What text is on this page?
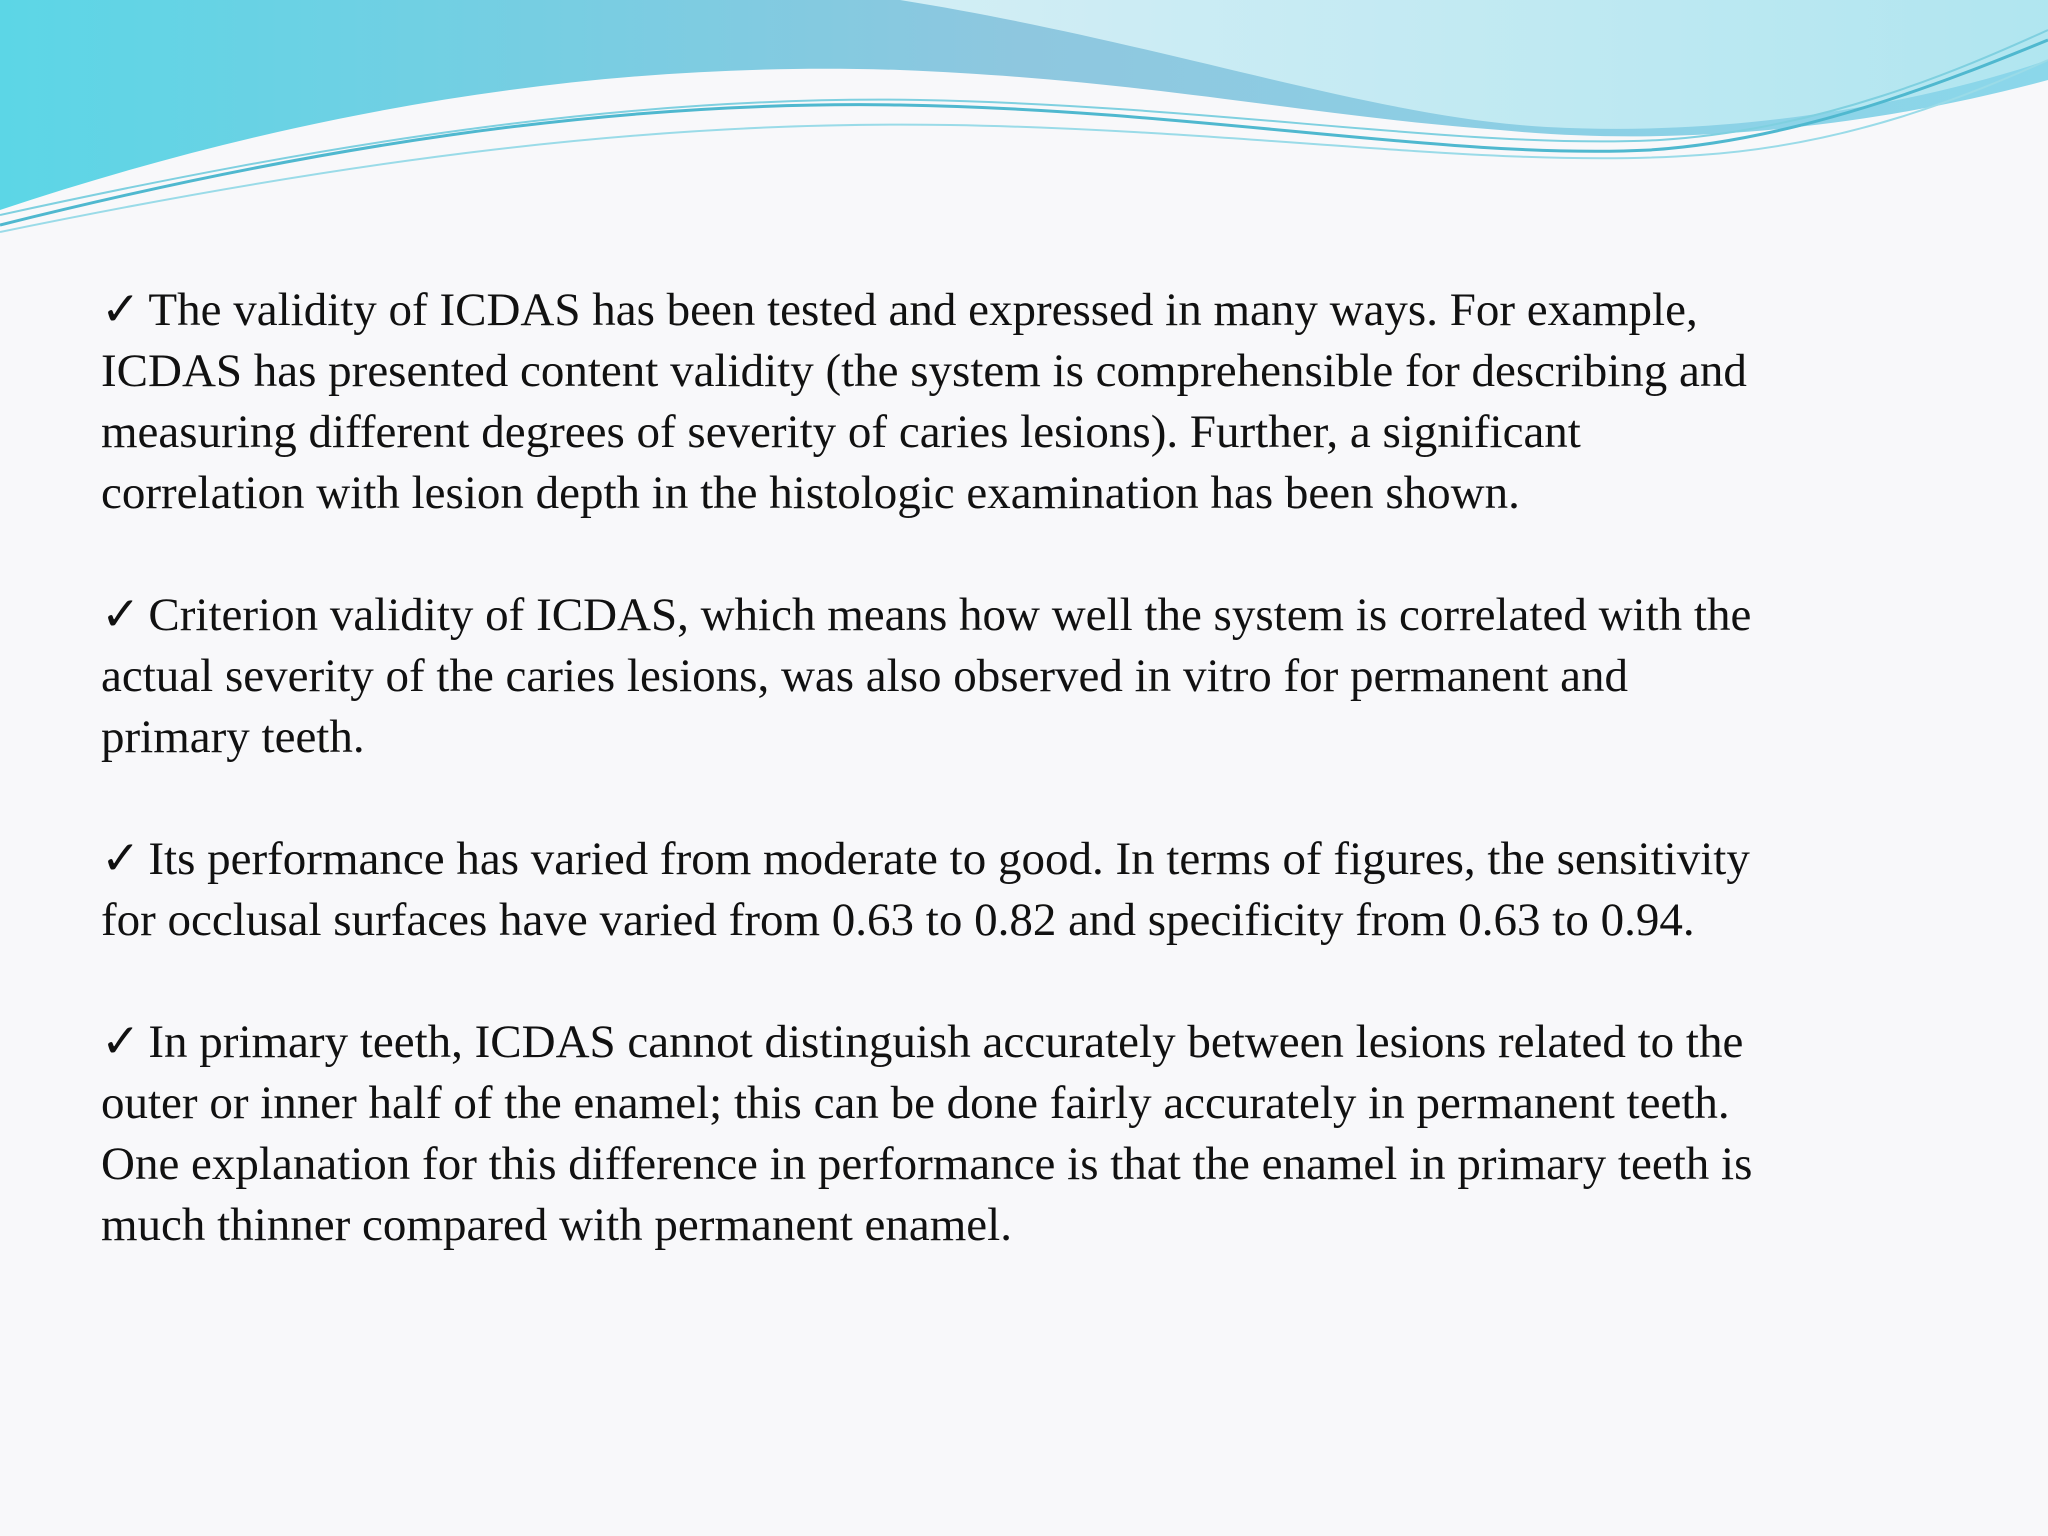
✓ The validity of ICDAS has been tested and expressed in many ways. For example,
ICDAS has presented content validity (the system is comprehensible for describing and
measuring different degrees of severity of caries lesions). Further, a significant
correlation with lesion depth in the histologic examination has been shown.
✓ Criterion validity of ICDAS, which means how well the system is correlated with the
actual severity of the caries lesions, was also observed in vitro for permanent and
primary teeth.
✓ Its performance has varied from moderate to good. In terms of figures, the sensitivity
for occlusal surfaces have varied from 0.63 to 0.82 and specificity from 0.63 to 0.94.
✓ In primary teeth, ICDAS cannot distinguish accurately between lesions related to the
outer or inner half of the enamel; this can be done fairly accurately in permanent teeth.
One explanation for this difference in performance is that the enamel in primary teeth is
much thinner compared with permanent enamel.
